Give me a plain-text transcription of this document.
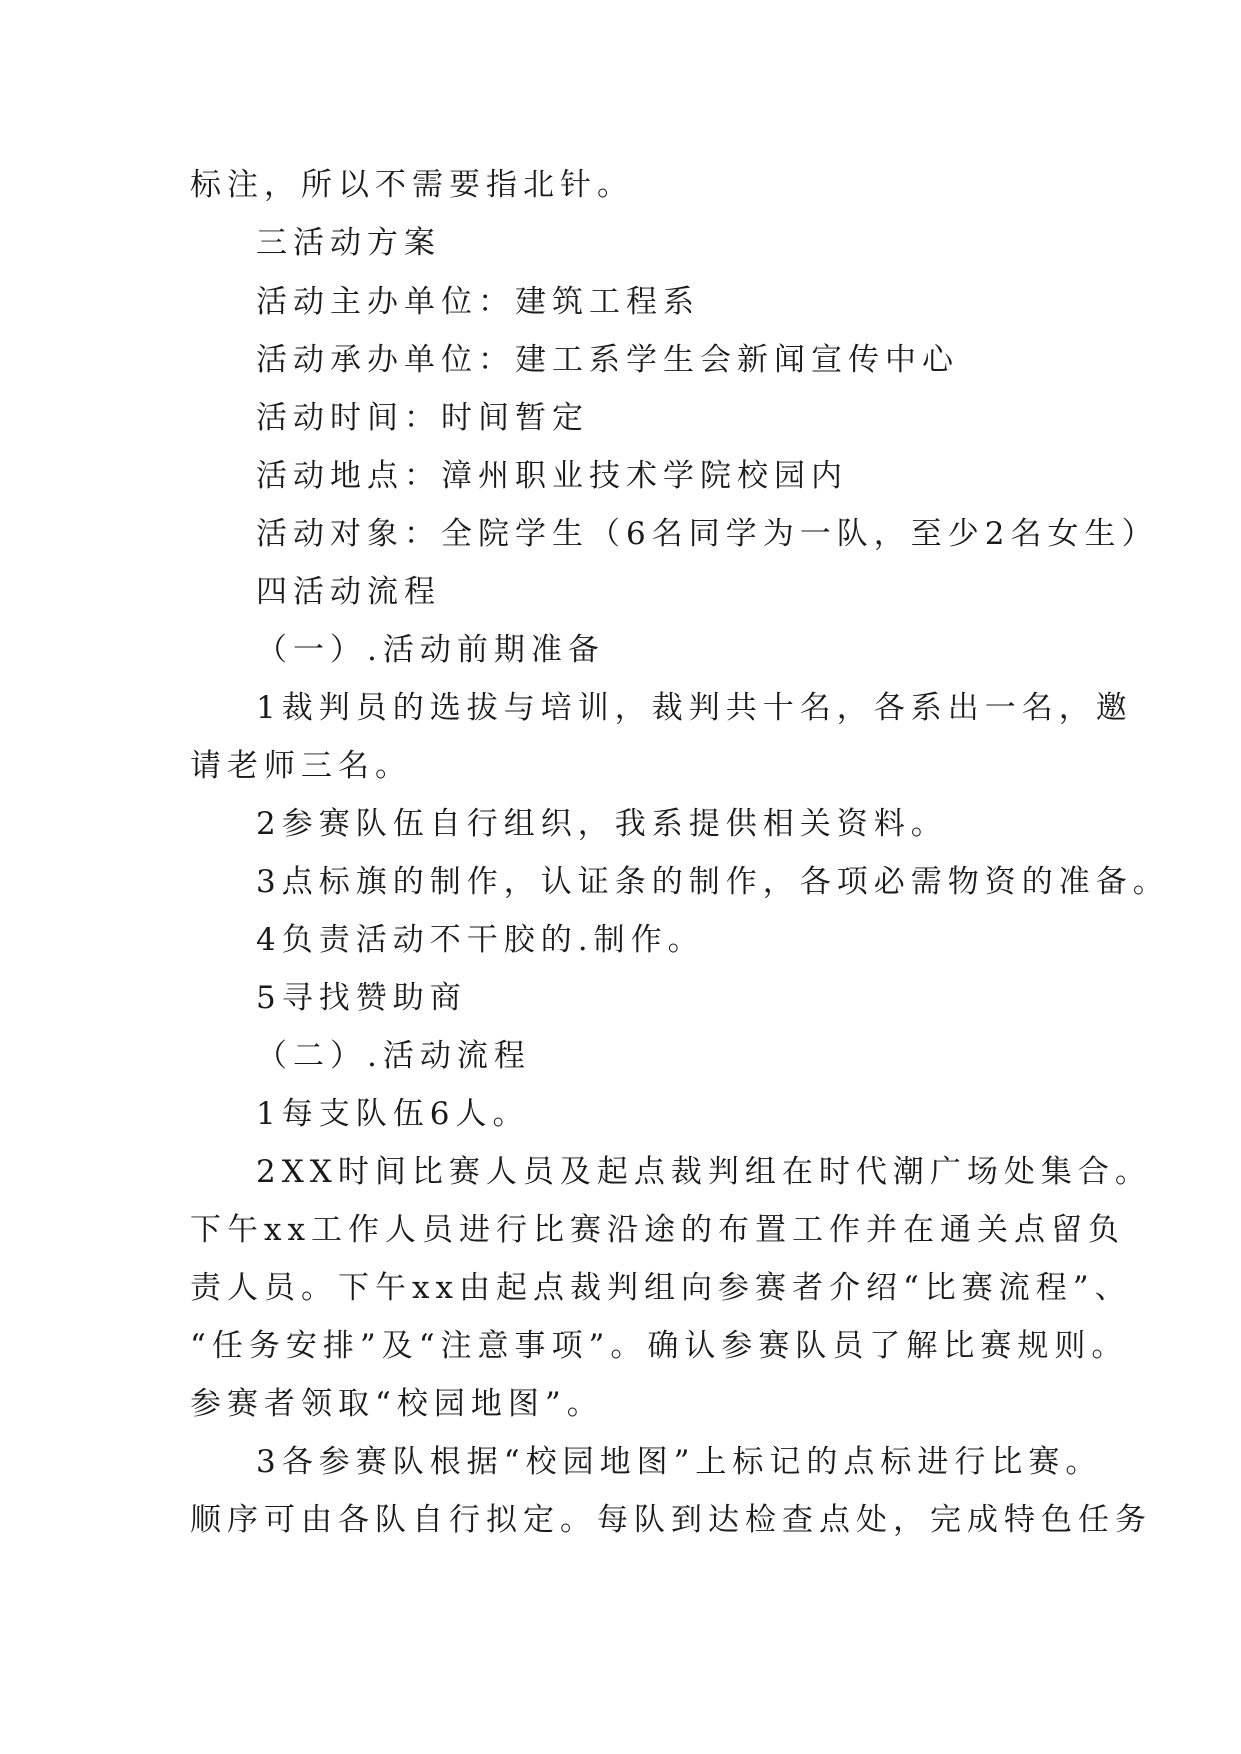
标注，所以不需要指北针。
三活动方案
活动主办单位：建筑工程系
活动承办单位：建工系学生会新闻宣传中心
活动时间：时间暂定
活动地点：漳州职业技术学院校园内
活动对象：全院学生（6名同学为一队，至少2名女生）
四活动流程
（一）.活动前期准备
1裁判员的选拔与培训，裁判共十名，各系出一名，邀
请老师三名。
2参赛队伍自行组织，我系提供相关资料。
3点标旗的制作，认证条的制作，各项必需物资的准备。
4负责活动不干胶的.制作。
5寻找赞助商
（二）.活动流程
1每支队伍6人。
2XX时间比赛人员及起点裁判组在时代潮广场处集合。
下午xx工作人员进行比赛沿途的布置工作并在通关点留负
责人员。下午xx由起点裁判组向参赛者介绍“比赛流程”、
“任务安排”及“注意事项”。确认参赛队员了解比赛规则。
参赛者领取“校园地图”。
3各参赛队根据“校园地图”上标记的点标进行比赛。
顺序可由各队自行拟定。每队到达检查点处，完成特色任务
